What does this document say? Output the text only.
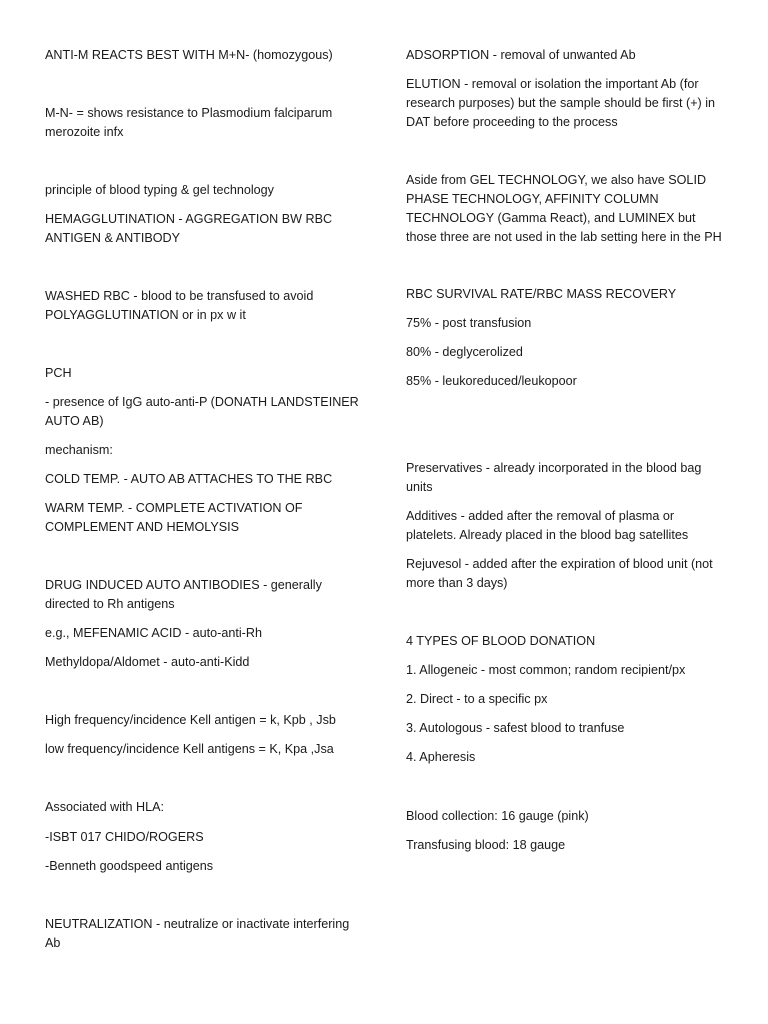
ANTI-M REACTS BEST WITH M+N- (homozygous)

M-N- = shows resistance to Plasmodium falciparum merozoite infx

principle of blood typing & gel technology

HEMAGGLUTINATION - AGGREGATION BW RBC ANTIGEN & ANTIBODY

WASHED RBC - blood to be transfused to avoid POLYAGGLUTINATION or in px w it

PCH

- presence of IgG auto-anti-P (DONATH LANDSTEINER AUTO AB)

mechanism:

COLD TEMP. - AUTO AB ATTACHES TO THE RBC

WARM TEMP. - COMPLETE ACTIVATION OF COMPLEMENT AND HEMOLYSIS

DRUG INDUCED AUTO ANTIBODIES - generally directed to Rh antigens

e.g., MEFENAMIC ACID - auto-anti-Rh

Methyldopa/Aldomet - auto-anti-Kidd

High frequency/incidence Kell antigen = k, Kpb , Jsb

low frequency/incidence Kell antigens = K, Kpa ,Jsa

Associated with HLA:

-ISBT 017 CHIDO/ROGERS

-Benneth goodspeed antigens

NEUTRALIZATION - neutralize or inactivate interfering Ab

ADSORPTION - removal of unwanted Ab

ELUTION - removal or isolation the important Ab (for research purposes) but the sample should be first (+) in DAT before proceeding to the process

Aside from GEL TECHNOLOGY, we also have SOLID PHASE TECHNOLOGY, AFFINITY COLUMN TECHNOLOGY (Gamma React), and LUMINEX but those three are not used in the lab setting here in the PH

RBC SURVIVAL RATE/RBC MASS RECOVERY

75% - post transfusion

80% - deglycerolized

85% - leukoreduced/leukopoor

Preservatives - already incorporated in the blood bag units

Additives - added after the removal of plasma or platelets. Already placed in the blood bag satellites

Rejuvesol - added after the expiration of blood unit (not more than 3 days)

4 TYPES OF BLOOD DONATION

1. Allogeneic - most common; random recipient/px

2. Direct - to a specific px

3. Autologous - safest blood to tranfuse

4. Apheresis

Blood collection: 16 gauge (pink)

Transfusing blood: 18 gauge
